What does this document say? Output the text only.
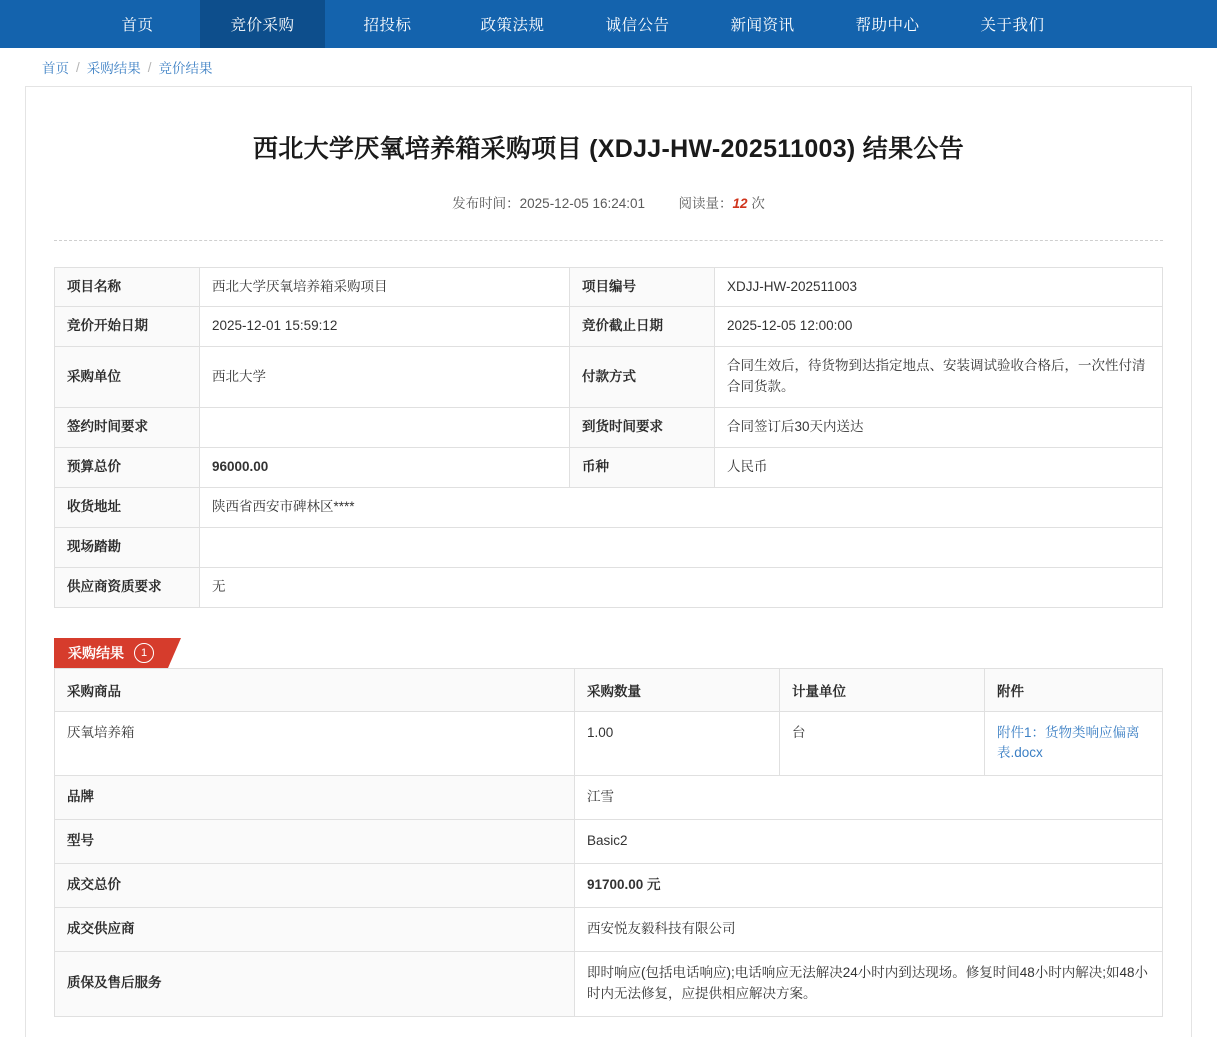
首页	竞价采购	招投标	政策法规	诚信公告	新闻资讯	帮助中心	关于我们
首页 / 采购结果 / 竞价结果
西北大学厌氧培养箱采购项目 (XDJJ-HW-202511003) 结果公告
发布时间：2025-12-05 16:24:01 阅读量：12 次
项目名称	西北大学厌氧培养箱采购项目	项目编号	XDJJ-HW-202511003
竞价开始日期	2025-12-01 15:59:12	竞价截止日期	2025-12-05 12:00:00
采购单位	西北大学	付款方式	合同生效后，待货物到达指定地点、安装调试验收合格后，一次性付清合同货款。
签约时间要求		到货时间要求	合同签订后30天内送达
预算总价	96000.00	币种	人民币
收货地址	陕西省西安市碑林区****		
现场踏勘			
供应商资质要求	无		
采购结果	1
采购商品	采购数量	计量单位	附件
厌氧培养箱	1.00	台	附件1：货物类响应偏离表.docx
品牌	江雪		
型号	Basic2		
成交总价	91700.00 元		
成交供应商	西安悦友毅科技有限公司		
质保及售后服务	即时响应(包括电话响应);电话响应无法解决24小时内到达现场。修复时间48小时内解决;如48小时内无法修复，应提供相应解决方案。		
